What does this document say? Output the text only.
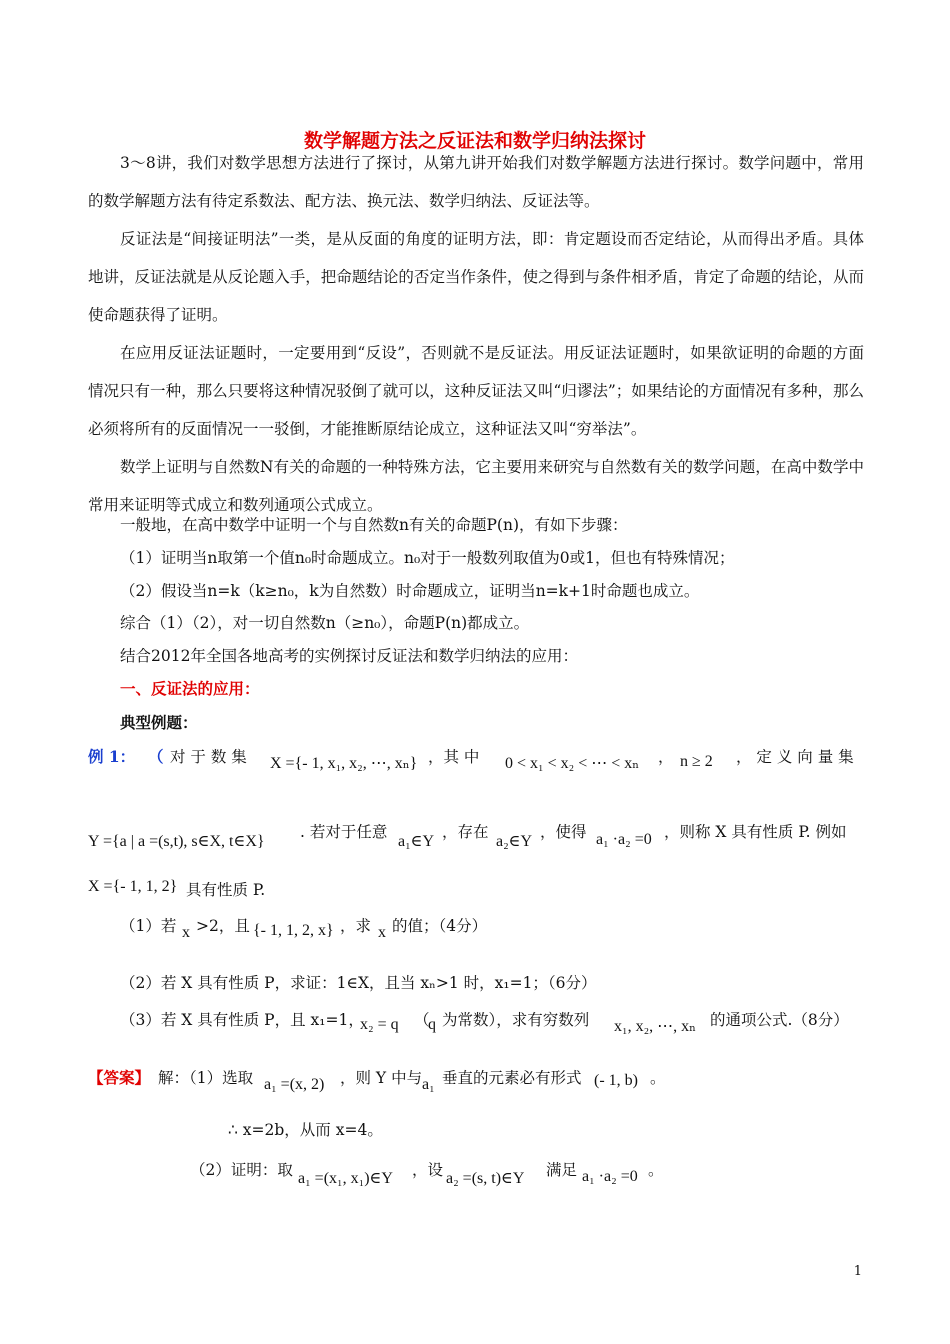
数学解题方法之反证法和数学归纳法探讨
3～8讲，我们对数学思想方法进行了探讨，从第九讲开始我们对数学解题方法进行探讨。数学问题中，常用的数学解题方法有待定系数法、配方法、换元法、数学归纳法、反证法等。
反证法是“间接证明法”一类，是从反面的角度的证明方法，即：肯定题设而否定结论，从而得出矛盾。具体地讲，反证法就是从反论题入手，把命题结论的否定当作条件，使之得到与条件相矛盾，肯定了命题的结论，从而使命题获得了证明。
在应用反证法证题时，一定要用到“反设”，否则就不是反证法。用反证法证题时，如果欲证明的命题的方面情况只有一种，那么只要将这种情况驳倒了就可以，这种反证法又叫“归谬法”；如果结论的方面情况有多种，那么必须将所有的反面情况一一驳倒，才能推断原结论成立，这种证法又叫“穷举法”。
数学上证明与自然数N有关的命题的一种特殊方法，它主要用来研究与自然数有关的数学问题，在高中数学中常用来证明等式成立和数列通项公式成立。
一般地，在高中数学中证明一个与自然数n有关的命题P(n)，有如下步骤：
（1）证明当n取第一个值n₀时命题成立。n₀对于一般数列取值为0或1，但也有特殊情况；
（2）假设当n=k（k≥n₀，k为自然数）时命题成立，证明当n=k+1时命题也成立。
综合（1）（2），对一切自然数n（≥n₀），命题P(n)都成立。
结合2012年全国各地高考的实例探讨反证法和数学归纳法的应用：
一、反证法的应用：
典型例题：
例 1： （ 对 于 数 集 X ={- 1, x₁, x₂, ⋯, xₙ} ，其 中 0 < x₁ < x₂ < ⋯ < xₙ ， n ≥ 2 ， 定 义 向 量 集
Y ={a | a =(s,t), s∈X, t∈X}
. 若对于任意
a₁∈Y
，存在
a₂∈Y
，使得 a₁ ·a₂ =0 ，则称 X 具有性质 P. 例如
X ={- 1, 1, 2} 具有性质 P.
（1）若 x >2，且 {- 1, 1, 2, x} ，求 x 的值；（4分）
（2）若 X 具有性质 P，求证：1∈X，且当 xₙ>1 时，x₁=1；（6分）
（3）若 X 具有性质 P，且 x₁=1，
x₂ = q （
q 为常数），求有穷数列 x₁, x₂, ⋯, xₙ 的通项公式.（8分）
【答案】 解：（1）选取 a₁ =(x, 2) ，则 Y 中与 a₁ 垂直的元素必有形式 (- 1, b) 。
∴ x=2b，从而 x=4。
（2）证明：取 a₁ =(x₁, x₁)∈Y ，设 a₂ =(s, t)∈Y 满足 a₁ ·a₂ =0 。
1
